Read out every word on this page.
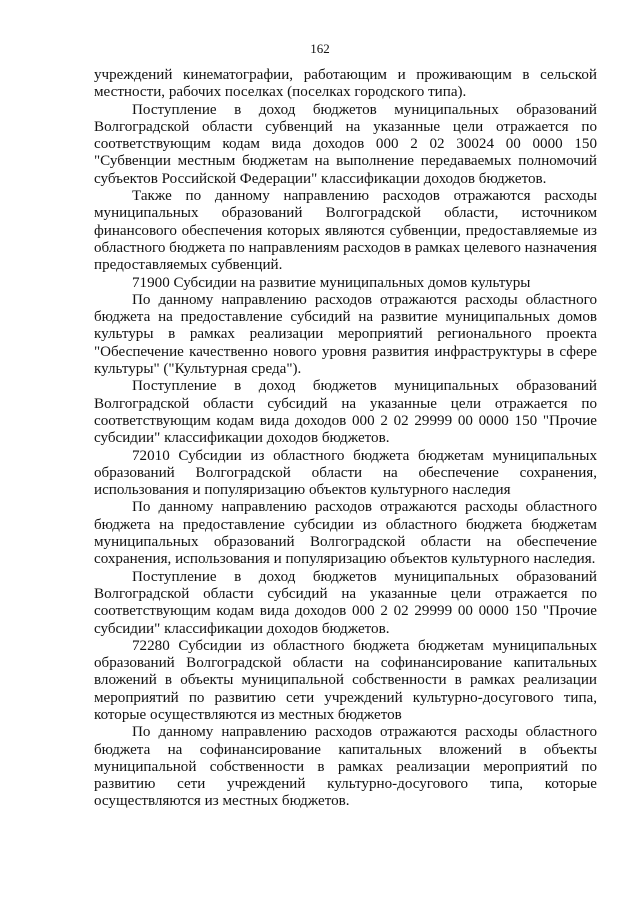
162

учреждений кинематографии, работающим и проживающим в сельской местности, рабочих поселках (поселках городского типа).

Поступление в доход бюджетов муниципальных образований Волгоградской области субвенций на указанные цели отражается по соответствующим кодам вида доходов 000 2 02 30024 00 0000 150 "Субвенции местным бюджетам на выполнение передаваемых полномочий субъектов Российской Федерации" классификации доходов бюджетов.

Также по данному направлению расходов отражаются расходы муниципальных образований Волгоградской области, источником финансового обеспечения которых являются субвенции, предоставляемые из областного бюджета по направлениям расходов в рамках целевого назначения предоставляемых субвенций.

71900 Субсидии на развитие муниципальных домов культуры

По данному направлению расходов отражаются расходы областного бюджета на предоставление субсидий на развитие муниципальных домов культуры в рамках реализации мероприятий регионального проекта "Обеспечение качественно нового уровня развития инфраструктуры в сфере культуры" ("Культурная среда").

Поступление в доход бюджетов муниципальных образований Волгоградской области субсидий на указанные цели отражается по соответствующим кодам вида доходов 000 2 02 29999 00 0000 150 "Прочие субсидии" классификации доходов бюджетов.

72010 Субсидии из областного бюджета бюджетам муниципальных образований Волгоградской области на обеспечение сохранения, использования и популяризацию объектов культурного наследия

По данному направлению расходов отражаются расходы областного бюджета на предоставление субсидии из областного бюджета бюджетам муниципальных образований Волгоградской области на обеспечение сохранения, использования и популяризацию объектов культурного наследия.

Поступление в доход бюджетов муниципальных образований Волгоградской области субсидий на указанные цели отражается по соответствующим кодам вида доходов 000 2 02 29999 00 0000 150 "Прочие субсидии" классификации доходов бюджетов.

72280 Субсидии из областного бюджета бюджетам муниципальных образований Волгоградской области на софинансирование капитальных вложений в объекты муниципальной собственности в рамках реализации мероприятий по развитию сети учреждений культурно-досугового типа, которые осуществляются из местных бюджетов

По данному направлению расходов отражаются расходы областного бюджета на софинансирование капитальных вложений в объекты муниципальной собственности в рамках реализации мероприятий по развитию сети учреждений культурно-досугового типа, которые осуществляются из местных бюджетов.
